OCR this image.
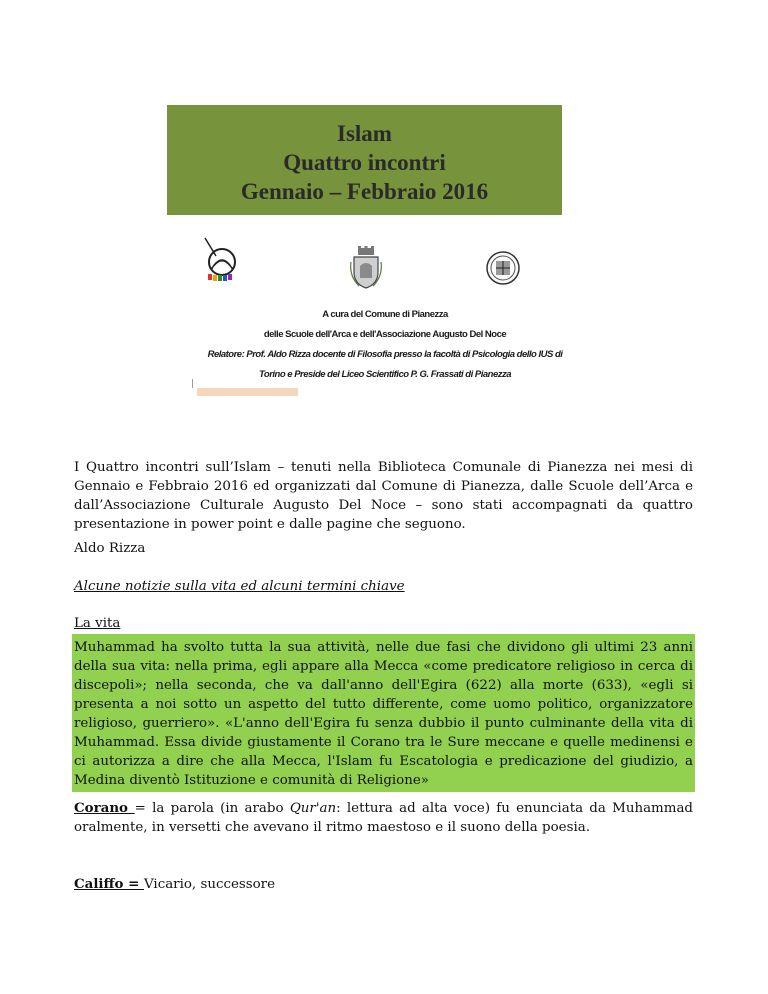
Islam
Quattro incontri
Gennaio – Febbraio 2016
A cura del Comune di Pianezza
delle Scuole dell'Arca e dell'Associazione Augusto Del Noce
Relatore: Prof. Aldo Rizza docente di Filosofia presso la facoltà di Psicologia dello IUS di
Torino e Preside del Liceo Scientifico P. G. Frassati di Pianezza
I Quattro incontri sull’Islam – tenuti nella Biblioteca Comunale di Pianezza nei mesi di Gennaio e Febbraio 2016 ed organizzati dal Comune di Pianezza, dalle Scuole dell’Arca e dall’Associazione Culturale Augusto Del Noce – sono stati accompagnati da quattro presentazione in power point e dalle pagine che seguono.
Aldo Rizza
Alcune notizie sulla vita ed alcuni termini chiave
La vita
Muhammad ha svolto tutta la sua attività, nelle due fasi che dividono gli ultimi 23 anni della sua vita: nella prima, egli appare alla Mecca «come predicatore religioso in cerca di discepoli»; nella seconda, che va dall'anno dell'Egira (622) alla morte (633), «egli si presenta a noi sotto un aspetto del tutto differente, come uomo politico, organizzatore religioso, guerriero». «L'anno dell'Egira fu senza dubbio il punto culminante della vita di Muhammad. Essa divide giustamente il Corano tra le Sure meccane e quelle medinensi e ci autorizza a dire che alla Mecca, l'Islam fu Escatologia e predicazione del giudizio, a Medina diventò Istituzione e comunità di Religione»
Corano = la parola (in arabo Qur'an: lettura ad alta voce) fu enunciata da Muhammad oralmente, in versetti che avevano il ritmo maestoso e il suono della poesia.
Califfo = Vicario, successore
